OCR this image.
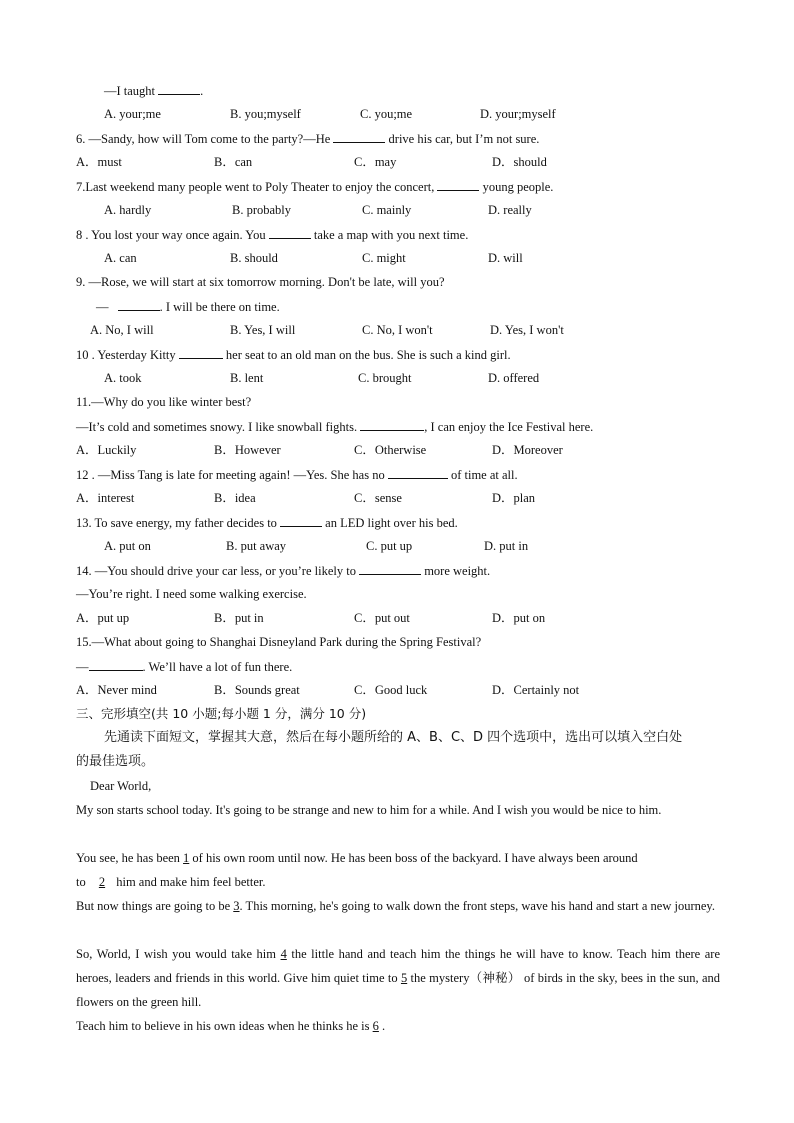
—I taught	.
A. your;me	B. you;myself	C. you;me	D. your;myself
6. —Sandy, how will Tom come to the party?—He	drive his car, but I’m not sure.
A．must	B．can	C．may	D．should
7.Last weekend many people went to Poly Theater to enjoy the concert,	young people.
A. hardly	B. probably	C. mainly	D. really
8 . You lost your way once again. You	take a map with you next time.
A. can	B. should	C. might	D. will
9. —Rose, we will start at six tomorrow morning. Don't be late, will you?
—	. I will be there on time.
A. No, I will	B. Yes, I will	C. No, I won't	D. Yes, I won't
10 . Yesterday Kitty	her seat to an old man on the bus. She is such a kind girl.
A. took	B. lent	C. brought	D. offered
11.—Why do you like winter best?
—It’s cold and sometimes snowy. I like snowball fights.	, I can enjoy the Ice Festival here.
A．Luckily	B．However	C．Otherwise	D．Moreover
12 . —Miss Tang is late for meeting again! —Yes. She has no	of time at all.
A．interest	B．idea	C．sense	D．plan
13. To save energy, my father decides to	an LED light over his bed.
A. put on	B. put away	C. put up	D. put in
14. —You should drive your car less, or you’re likely to	more weight.
—You’re right. I need some walking exercise.
A．put up	B．put in	C．put out	D．put on
15.—What about going to Shanghai Disneyland Park during the Spring Festival?
—	. We’ll have a lot of fun there.
A．Never mind	B．Sounds great	C．Good luck	D．Certainly not
三、完形填空(共 10 小题;每小题 1 分，满分 10 分)
先通读下面短文，掌握其大意，然后在每小题所给的 A、B、C、D 四个选项中，选出可以填入空白处
的最佳选项。
Dear World,
My son starts school today. It's going to be strange and new to him for a while. And I wish you would be nice to him.
You see, he has been 1 of his own room until now. He has been boss of the backyard. I have always been around
to 2 him and make him feel better.
But now things are going to be 3. This morning, he's going to walk down the front steps, wave his hand and start a new journey.
So, World, I wish you would take him 4 the little hand and teach him the things he will have to know. Teach him there are heroes, leaders and friends in this world. Give him quiet time to 5 the mystery（神秘） of birds in the sky, bees in the sun, and flowers on the green hill.
Teach him to believe in his own ideas when he thinks he is 6 .
